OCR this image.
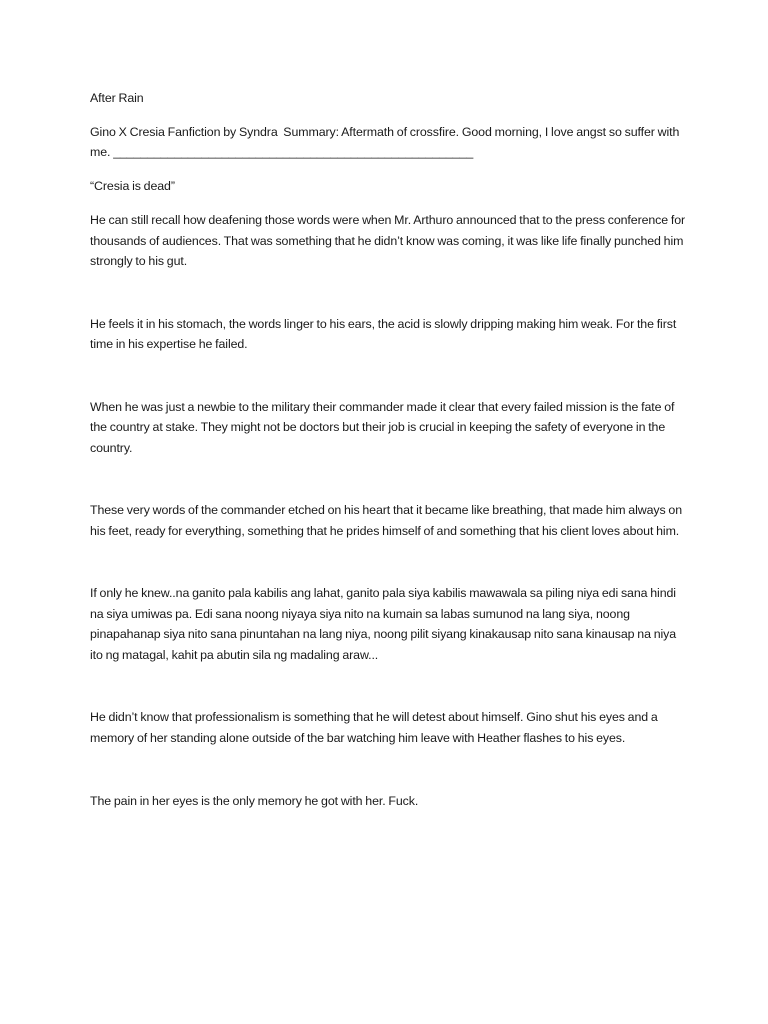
After Rain

Gino X Cresia Fanfiction by Syndra  Summary: Aftermath of crossfire. Good morning, I love angst so suffer with me. _____________________________________________________

“Cresia is dead”

He can still recall how deafening those words were when Mr. Arthuro announced that to the press conference for thousands of audiences. That was something that he didn’t know was coming, it was like life finally punched him strongly to his gut.

He feels it in his stomach, the words linger to his ears, the acid is slowly dripping making him weak. For the first time in his expertise he failed.

When he was just a newbie to the military their commander made it clear that every failed mission is the fate of the country at stake. They might not be doctors but their job is crucial in keeping the safety of everyone in the country.

These very words of the commander etched on his heart that it became like breathing, that made him always on his feet, ready for everything, something that he prides himself of and something that his client loves about him.

If only he knew..na ganito pala kabilis ang lahat, ganito pala siya kabilis mawawala sa piling niya edi sana hindi na siya umiwas pa. Edi sana noong niyaya siya nito na kumain sa labas sumunod na lang siya, noong pinapahanap siya nito sana pinuntahan na lang niya, noong pilit siyang kinakausap nito sana kinausap na niya ito ng matagal, kahit pa abutin sila ng madaling araw...

He didn’t know that professionalism is something that he will detest about himself. Gino shut his eyes and a memory of her standing alone outside of the bar watching him leave with Heather flashes to his eyes.

The pain in her eyes is the only memory he got with her. Fuck.
